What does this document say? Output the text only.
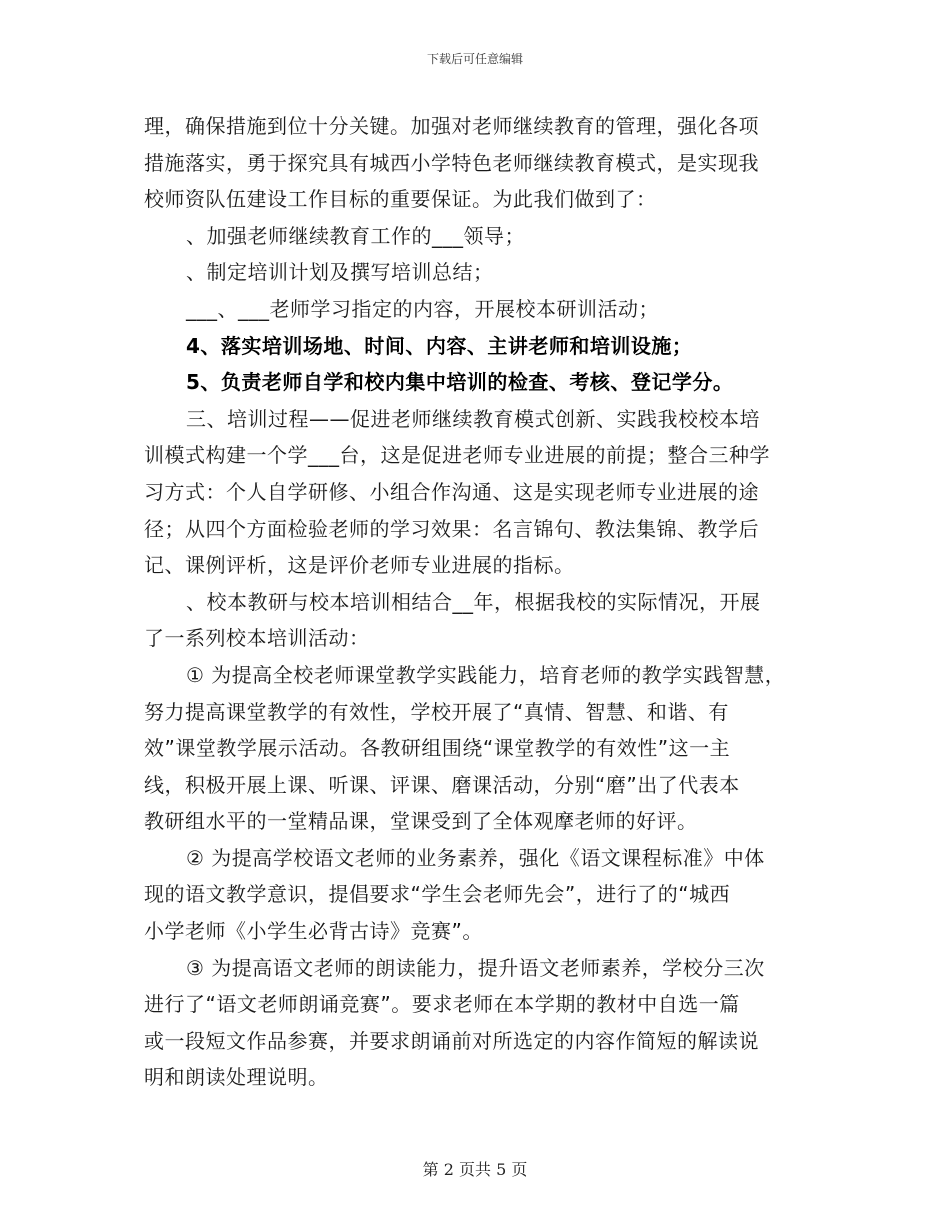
下载后可任意编辑
理，确保措施到位十分关键。加强对老师继续教育的管理，强化各项
措施落实，勇于探究具有城西小学特色老师继续教育模式，是实现我
校师资队伍建设工作目标的重要保证。为此我们做到了：
、加强老师继续教育工作的___领导；
、制定培训计划及撰写培训总结；
___、___老师学习指定的内容，开展校本研训活动；
4、落实培训场地、时间、内容、主讲老师和培训设施；
5、负责老师自学和校内集中培训的检查、考核、登记学分。
三、培训过程——促进老师继续教育模式创新、实践我校校本培
训模式构建一个学___台，这是促进老师专业进展的前提；整合三种学
习方式：个人自学研修、小组合作沟通、这是实现老师专业进展的途
径；从四个方面检验老师的学习效果：名言锦句、教法集锦、教学后
记、课例评析，这是评价老师专业进展的指标。
、校本教研与校本培训相结合__年，根据我校的实际情况，开展
了一系列校本培训活动：
① 为提高全校老师课堂教学实践能力，培育老师的教学实践智慧，
努力提高课堂教学的有效性，学校开展了“真情、智慧、和谐、有
效”课堂教学展示活动。各教研组围绕“课堂教学的有效性”这一主
线，积极开展上课、听课、评课、磨课活动，分别“磨”出了代表本
教研组水平的一堂精品课，堂课受到了全体观摩老师的好评。
② 为提高学校语文老师的业务素养，强化《语文课程标准》中体
现的语文教学意识，提倡要求“学生会老师先会”，进行了的“城西
小学老师《小学生必背古诗》竞赛”。
③ 为提高语文老师的朗读能力，提升语文老师素养，学校分三次
进行了“语文老师朗诵竞赛”。要求老师在本学期的教材中自选一篇
或一段短文作品参赛，并要求朗诵前对所选定的内容作简短的解读说
明和朗读处理说明。
第 2 页共 5 页
